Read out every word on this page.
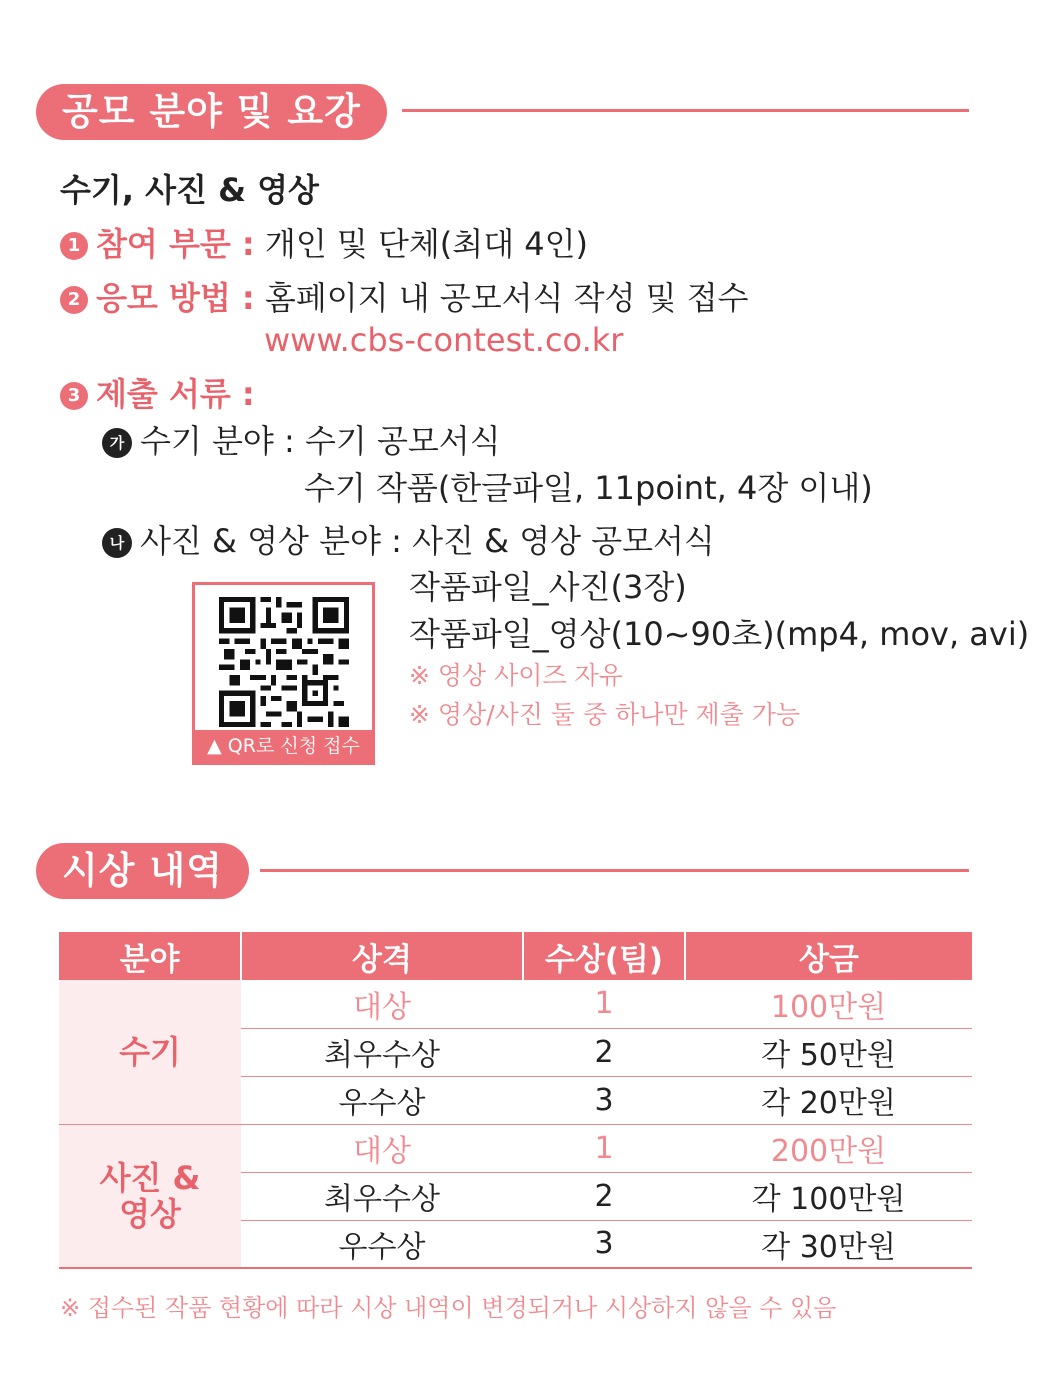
공모 분야 및 요강
수기, 사진 & 영상
1 참여 부문 : 개인 및 단체(최대 4인)
2 응모 방법 : 홈페이지 내 공모서식 작성 및 접수
www.cbs-contest.co.kr
3 제출 서류 :
가 수기 분야 : 수기 공모서식
수기 작품(한글파일, 11point, 4장 이내)
나 사진 & 영상 분야 : 사진 & 영상 공모서식
작품파일_사진(3장)
작품파일_영상(10~90초)(mp4, mov, avi)
※ 영상 사이즈 자유
※ 영상/사진 둘 중 하나만 제출 가능
▲ QR로 신청 접수
시상 내역
분야	상격	수상(팀)	상금
수기	대상	1	100만원
	최우수상	2	각 50만원
	우수상	3	각 20만원

사진 &
영상	대상	1	200만원
	최우수상	2	각 100만원
	우수상	3	각 30만원
※ 접수된 작품 현황에 따라 시상 내역이 변경되거나 시상하지 않을 수 있음
